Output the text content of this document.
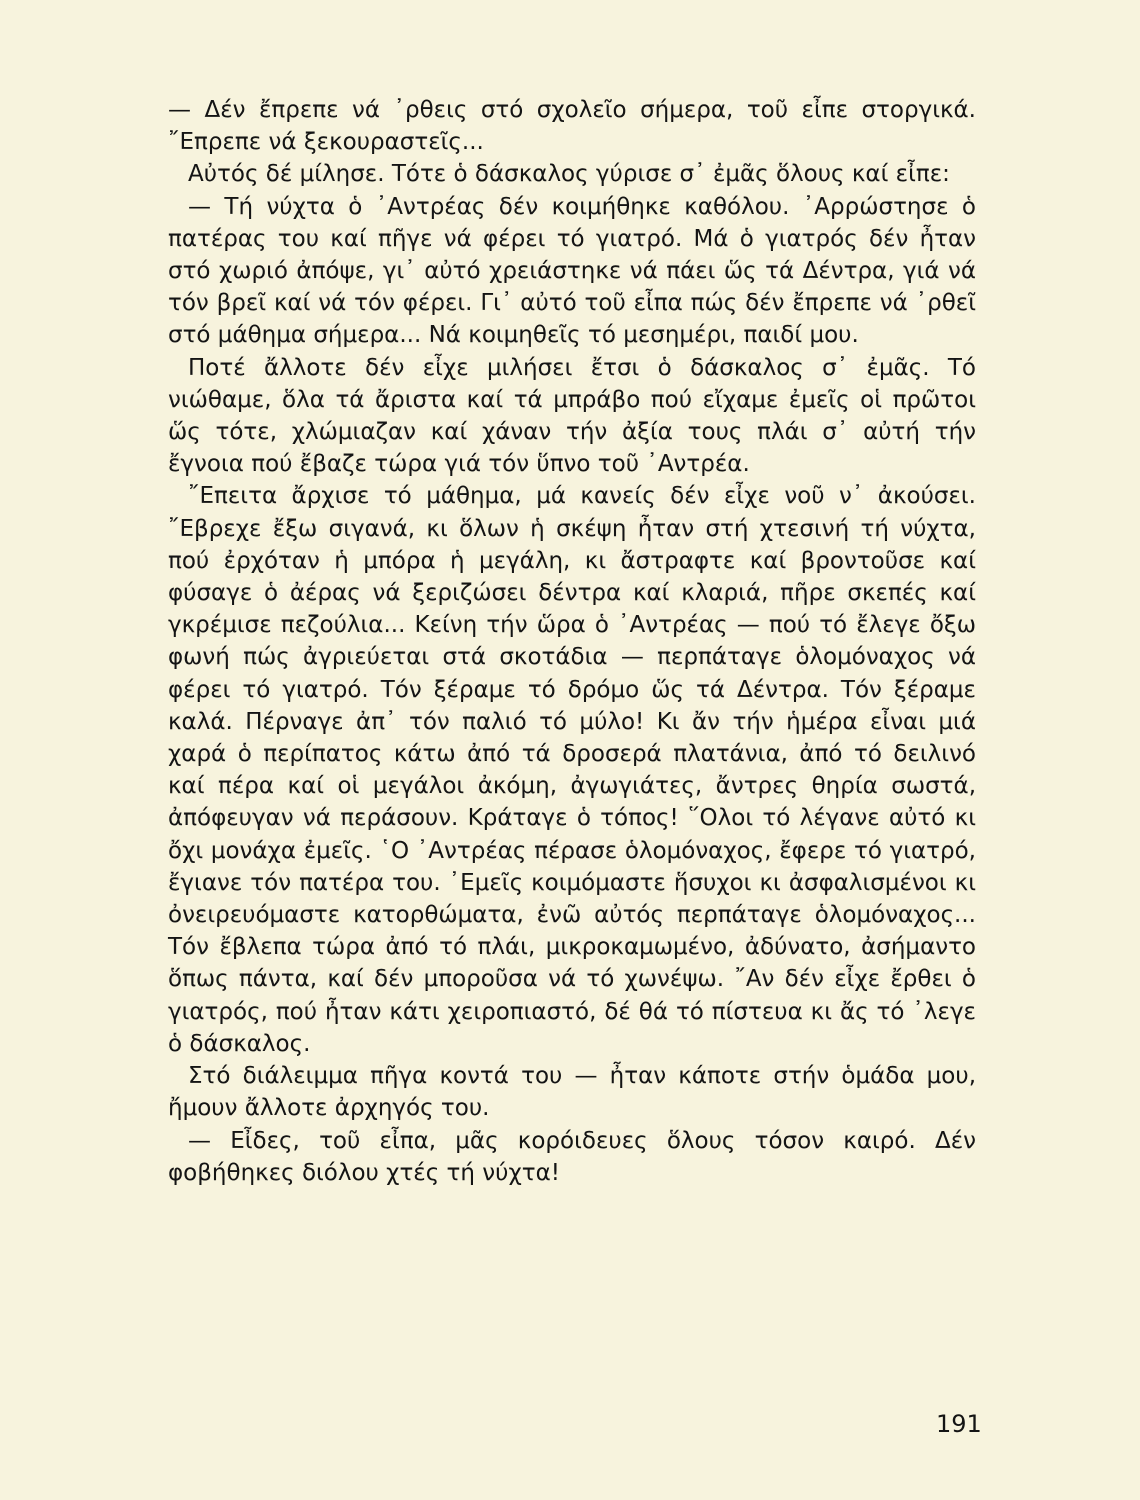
— Δέν ἔπρεπε νά ᾽ρθεις στό σχολεῖο σήμερα, τοῦ εἶπε στοργικά. ῎Επρεπε νά ξεκουραστεῖς...

Αὐτός δέ μίλησε. Τότε ὁ δάσκαλος γύρισε σ᾽ ἐμᾶς ὅλους καί εἶπε:

— Τή νύχτα ὁ ᾽Αντρέας δέν κοιμήθηκε καθόλου. ᾽Αρρώστησε ὁ πατέρας του καί πῆγε νά φέρει τό γιατρό. Μά ὁ γιατρός δέν ἦταν στό χωριό ἀπόψε, γι᾽ αὐτό χρειάστηκε νά πάει ὥς τά Δέντρα, γιά νά τόν βρεῖ καί νά τόν φέρει. Γι᾽ αὐτό τοῦ εἶπα πώς δέν ἔπρεπε νά ᾽ρθεῖ στό μάθημα σήμερα... Νά κοιμηθεῖς τό μεσημέρι, παιδί μου.

Ποτέ ἄλλοτε δέν εἶχε μιλήσει ἔτσι ὁ δάσκαλος σ᾽ ἐμᾶς. Τό νιώθαμε, ὅλα τά ἄριστα καί τά μπράβο πού εἴχαμε ἐμεῖς οἱ πρῶτοι ὥς τότε, χλώμιαζαν καί χάναν τήν ἀξία τους πλάι σ᾽ αὐτή τήν ἔγνοια πού ἔβαζε τώρα γιά τόν ὕπνο τοῦ ᾽Αντρέα.

῎Επειτα ἄρχισε τό μάθημα, μά κανείς δέν εἶχε νοῦ ν᾽ ἀκούσει. ῎Εβρεχε ἔξω σιγανά, κι ὅλων ἡ σκέψη ἦταν στή χτεσινή τή νύχτα, πού ἐρχόταν ἡ μπόρα ἡ μεγάλη, κι ἄστραφτε καί βροντοῦσε καί φύσαγε ὁ ἀέρας νά ξεριζώσει δέντρα καί κλαριά, πῆρε σκεπές καί γκρέμισε πεζούλια... Κείνη τήν ὥρα ὁ ᾽Αντρέας — πού τό ἔλεγε ὄξω φωνή πώς ἀγριεύεται στά σκοτάδια — περπάταγε ὁλομόναχος νά φέρει τό γιατρό. Τόν ξέραμε τό δρόμο ὥς τά Δέντρα. Τόν ξέραμε καλά. Πέρναγε ἀπ᾽ τόν παλιό τό μύλο! Κι ἄν τήν ἡμέρα εἶναι μιά χαρά ὁ περίπατος κάτω ἀπό τά δροσερά πλατάνια, ἀπό τό δειλινό καί πέρα καί οἱ μεγάλοι ἀκόμη, ἀγωγιάτες, ἄντρες θηρία σωστά, ἀπόφευγαν νά περάσουν. Κράταγε ὁ τόπος! ῞Ολοι τό λέγανε αὐτό κι ὄχι μονάχα ἐμεῖς. ῾Ο ᾽Αντρέας πέρασε ὁλομόναχος, ἔφερε τό γιατρό, ἔγιανε τόν πατέρα του. ᾽Εμεῖς κοιμόμαστε ἥσυχοι κι ἀσφαλισμένοι κι ὀνειρευόμαστε κατορθώματα, ἐνῶ αὐτός περπάταγε ὁλομόναχος... Τόν ἔβλεπα τώρα ἀπό τό πλάι, μικροκαμωμένο, ἀδύνατο, ἀσήμαντο ὅπως πάντα, καί δέν μποροῦσα νά τό χωνέψω. ῎Αν δέν εἶχε ἔρθει ὁ γιατρός, πού ἦταν κάτι χειροπιαστό, δέ θά τό πίστευα κι ἄς τό ᾽λεγε ὁ δάσκαλος.

Στό διάλειμμα πῆγα κοντά του — ἦταν κάποτε στήν ὁμάδα μου, ἤμουν ἄλλοτε ἀρχηγός του.

— Εἶδες, τοῦ εἶπα, μᾶς κορόιδευες ὅλους τόσον καιρό. Δέν φοβήθηκες διόλου χτές τή νύχτα!

191
